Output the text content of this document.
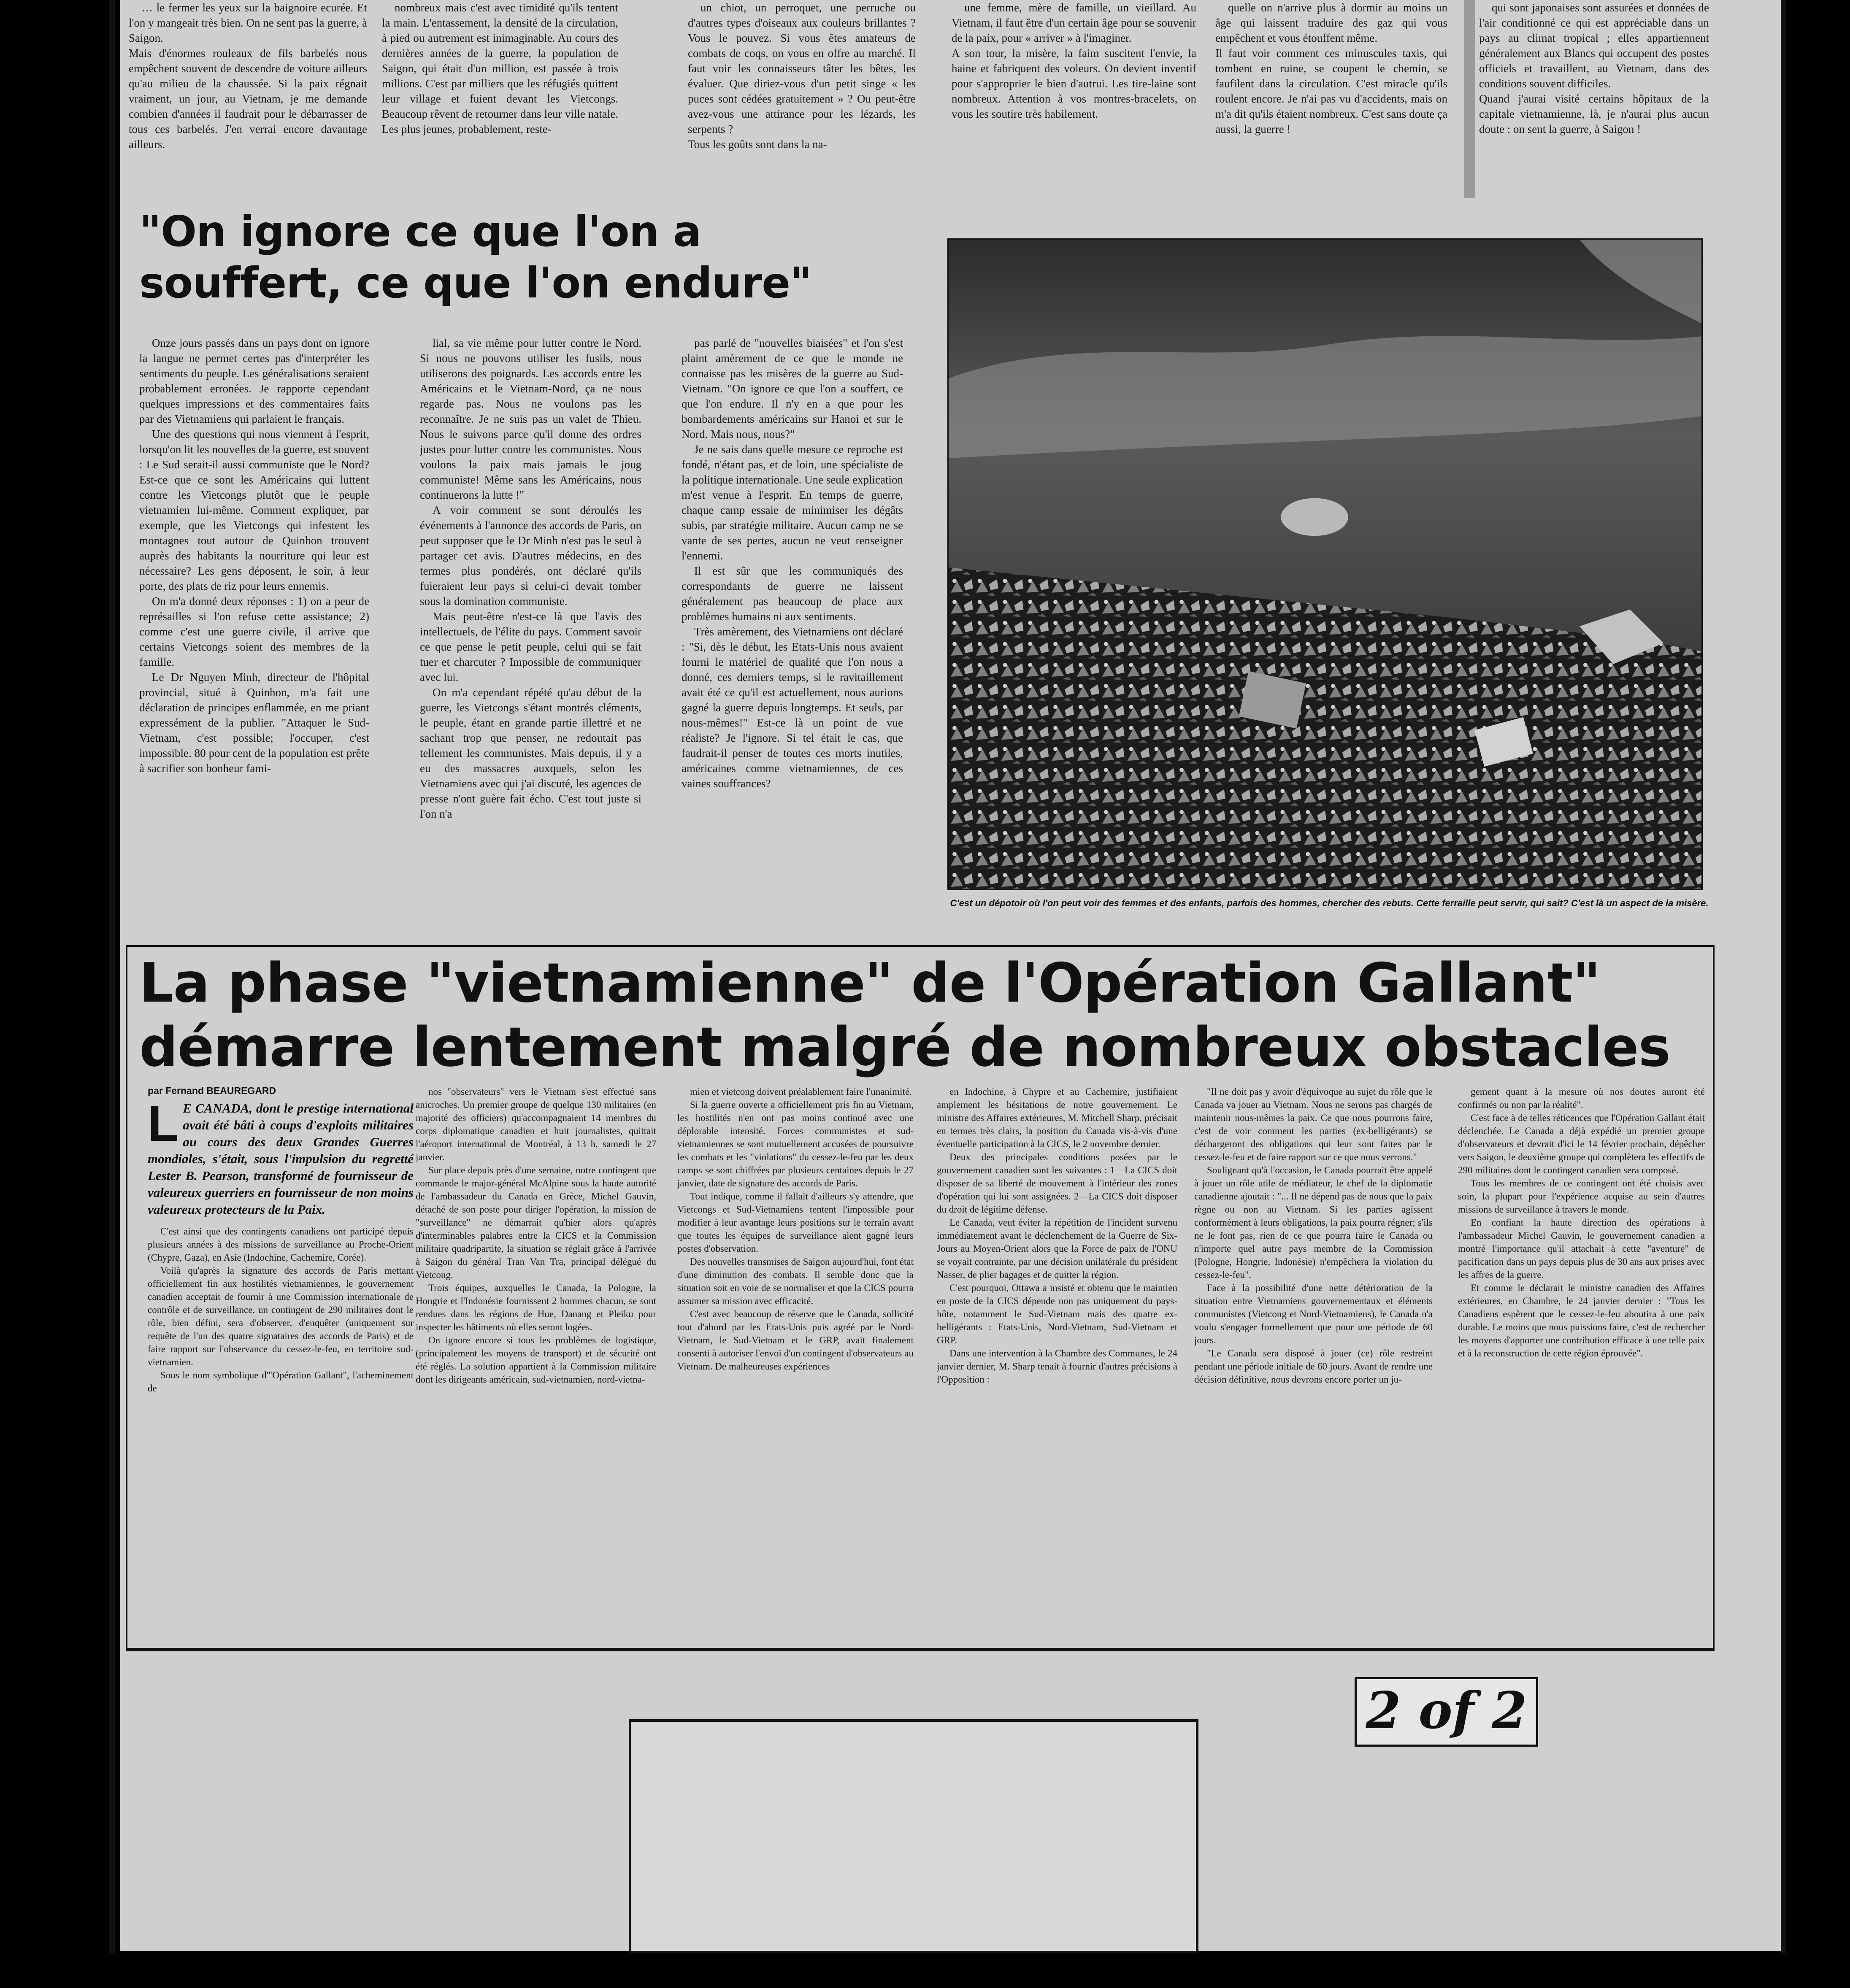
… le fermer les yeux sur la baignoire ecurée. Et l'on y mangeait très bien. On ne sent pas la guerre, à Saigon.
Mais d'énormes rouleaux de fils barbelés nous empêchent souvent de descendre de voiture ailleurs qu'au milieu de la chaussée. Si la paix régnait vraiment, un jour, au Vietnam, je me demande combien d'années il faudrait pour le débarrasser de tous ces barbelés. J'en verrai encore davantage ailleurs.

nombreux mais c'est avec timidité qu'ils tentent la main. L'entassement, la densité de la circulation, à pied ou autrement est inimaginable. Au cours des dernières années de la guerre, la population de Saigon, qui était d'un million, est passée à trois millions. C'est par milliers que les réfugiés quittent leur village et fuient devant les Vietcongs. Beaucoup rêvent de retourner dans leur ville natale. Les plus jeunes, probablement, reste-

un chiot, un perroquet, une perruche ou d'autres types d'oiseaux aux couleurs brillantes ? Vous le pouvez. Si vous êtes amateurs de combats de coqs, on vous en offre au marché. Il faut voir les connaisseurs tâter les bêtes, les évaluer. Que diriez-vous d'un petit singe « les puces sont cédées gratuitement » ? Ou peut-être avez-vous une attirance pour les lézards, les serpents ?
Tous les goûts sont dans la na-

une femme, mère de famille, un vieillard. Au Vietnam, il faut être d'un certain âge pour se souvenir de la paix, pour « arriver » à l'imaginer.
A son tour, la misère, la faim suscitent l'envie, la haine et fabriquent des voleurs. On devient inventif pour s'approprier le bien d'autrui. Les tire-laine sont nombreux. Attention à vos montres-bracelets, on vous les soutire très habilement.

quelle on n'arrive plus à dormir au moins un âge qui laissent traduire des gaz qui vous empêchent et vous étouffent même.
Il faut voir comment ces minuscules taxis, qui tombent en ruine, se coupent le chemin, se faufilent dans la circulation. C'est miracle qu'ils roulent encore. Je n'ai pas vu d'accidents, mais on m'a dit qu'ils étaient nombreux. C'est sans doute ça aussi, la guerre !

qui sont japonaises sont assurées et données de l'air conditionné ce qui est appréciable dans un pays au climat tropical ; elles appartiennent généralement aux Blancs qui occupent des postes officiels et travaillent, au Vietnam, dans des conditions souvent difficiles.
Quand j'aurai visité certains hôpitaux de la capitale vietnamienne, là, je n'aurai plus aucun doute : on sent la guerre, à Saigon !

"On ignore ce que l'on a souffert, ce que l'on endure"

Onze jours passés dans un pays dont on ignore la langue ne permet certes pas d'interpréter les sentiments du peuple. Les généralisations seraient probablement erronées. Je rapporte cependant quelques impressions et des commentaires faits par des Vietnamiens qui parlaient le français.

Une des questions qui nous viennent à l'esprit, lorsqu'on lit les nouvelles de la guerre, est souvent : Le Sud serait-il aussi communiste que le Nord? Est-ce que ce sont les Américains qui luttent contre les Vietcongs plutôt que le peuple vietnamien lui-même. Comment expliquer, par exemple, que les Vietcongs qui infestent les montagnes tout autour de Quinhon trouvent auprès des habitants la nourriture qui leur est nécessaire? Les gens déposent, le soir, à leur porte, des plats de riz pour leurs ennemis.

On m'a donné deux réponses : 1) on a peur de représailles si l'on refuse cette assistance; 2) comme c'est une guerre civile, il arrive que certains Vietcongs soient des membres de la famille.

Le Dr Nguyen Minh, directeur de l'hôpital provincial, situé à Quinhon, m'a fait une déclaration de principes enflammée, en me priant expressément de la publier. "Attaquer le Sud-Vietnam, c'est possible; l'occuper, c'est impossible. 80 pour cent de la population est prête à sacrifier son bonheur fami-

lial, sa vie même pour lutter contre le Nord. Si nous ne pouvons utiliser les fusils, nous utiliserons des poignards. Les accords entre les Américains et le Vietnam-Nord, ça ne nous regarde pas. Nous ne voulons pas les reconnaître. Je ne suis pas un valet de Thieu. Nous le suivons parce qu'il donne des ordres justes pour lutter contre les communistes. Nous voulons la paix mais jamais le joug communiste! Même sans les Américains, nous continuerons la lutte !"

A voir comment se sont déroulés les événements à l'annonce des accords de Paris, on peut supposer que le Dr Minh n'est pas le seul à partager cet avis. D'autres médecins, en des termes plus pondérés, ont déclaré qu'ils fuieraient leur pays si celui-ci devait tomber sous la domination communiste.

Mais peut-être n'est-ce là que l'avis des intellectuels, de l'élite du pays. Comment savoir ce que pense le petit peuple, celui qui se fait tuer et charcuter ? Impossible de communiquer avec lui.

On m'a cependant répété qu'au début de la guerre, les Vietcongs s'étant montrés cléments, le peuple, étant en grande partie illettré et ne sachant trop que penser, ne redoutait pas tellement les communistes. Mais depuis, il y a eu des massacres auxquels, selon les Vietnamiens avec qui j'ai discuté, les agences de presse n'ont guère fait écho. C'est tout juste si l'on n'a

pas parlé de "nouvelles biaisées" et l'on s'est plaint amèrement de ce que le monde ne connaisse pas les misères de la guerre au Sud-Vietnam. "On ignore ce que l'on a souffert, ce que l'on endure. Il n'y en a que pour les bombardements américains sur Hanoi et sur le Nord. Mais nous, nous?"

Je ne sais dans quelle mesure ce reproche est fondé, n'étant pas, et de loin, une spécialiste de la politique internationale. Une seule explication m'est venue à l'esprit. En temps de guerre, chaque camp essaie de minimiser les dégâts subis, par stratégie militaire. Aucun camp ne se vante de ses pertes, aucun ne veut renseigner l'ennemi.

Il est sûr que les communiqués des correspondants de guerre ne laissent généralement pas beaucoup de place aux problèmes humains ni aux sentiments.

Très amèrement, des Vietnamiens ont déclaré : "Si, dès le début, les Etats-Unis nous avaient fourni le matériel de qualité que l'on nous a donné, ces derniers temps, si le ravitaillement avait été ce qu'il est actuellement, nous aurions gagné la guerre depuis longtemps. Et seuls, par nous-mêmes!" Est-ce là un point de vue réaliste? Je l'ignore. Si tel était le cas, que faudrait-il penser de toutes ces morts inutiles, américaines comme vietnamiennes, de ces vaines souffrances?

C'est un dépotoir où l'on peut voir des femmes et des enfants, parfois des hommes, chercher des rebuts. Cette ferraille peut servir, qui sait? C'est là un aspect de la misère.
La phase "vietnamienne" de l'Opération Gallant"
démarre lentement malgré de nombreux obstacles
par Fernand BEAUREGARD

L E CANADA, dont le prestige international avait été bâti à coups d'exploits militaires au cours des deux Grandes Guerres mondiales, s'était, sous l'impulsion du regretté Lester B. Pearson, transformé de fournisseur de valeureux guerriers en fournisseur de non moins valeureux protecteurs de la Paix.

C'est ainsi que des contingents canadiens ont participé depuis plusieurs années à des missions de surveillance au Proche-Orient (Chypre, Gaza), en Asie (Indochine, Cachemire, Corée).

Voilà qu'après la signature des accords de Paris mettant officiellement fin aux hostilités vietnamiennes, le gouvernement canadien acceptait de fournir à une Commission internationale de contrôle et de surveillance, un contingent de 290 militaires dont le rôle, bien défini, sera d'observer, d'enquêter (uniquement sur requête de l'un des quatre signataires des accords de Paris) et de faire rapport sur l'observance du cessez-le-feu, en territoire sud-vietnamien.

Sous le nom symbolique d'"Opération Gallant", l'acheminement de

nos "observateurs" vers le Vietnam s'est effectué sans anicroches. Un premier groupe de quelque 130 militaires (en majorité des officiers) qu'accompagnaient 14 membres du corps diplomatique canadien et huit journalistes, quittait l'aéroport international de Montréal, à 13 h, samedi le 27 janvier.

Sur place depuis près d'une semaine, notre contingent que commande le major-général McAlpine sous la haute autorité de l'ambassadeur du Canada en Grèce, Michel Gauvin, détaché de son poste pour diriger l'opération, la mission de "surveillance" ne démarrait qu'hier alors qu'après d'interminables palabres entre la CICS et la Commission militaire quadripartite, la situation se réglait grâce à l'arrivée à Saigon du général Tran Van Tra, principal délégué du Vietcong.

Trois équipes, auxquelles le Canada, la Pologne, la Hongrie et l'Indonésie fournissent 2 hommes chacun, se sont rendues dans les régions de Hue, Danang et Pleiku pour inspecter les bâtiments où elles seront logées.

On ignore encore si tous les problèmes de logistique, (principalement les moyens de transport) et de sécurité ont été réglés. La solution appartient à la Commission militaire dont les dirigeants américain, sud-vietnamien, nord-vietna-

mien et vietcong doivent préalablement faire l'unanimité.

Si la guerre ouverte a officiellement pris fin au Vietnam, les hostilités n'en ont pas moins continué avec une déplorable intensité. Forces communistes et sud-vietnamiennes se sont mutuellement accusées de poursuivre les combats et les "violations" du cessez-le-feu par les deux camps se sont chiffrées par plusieurs centaines depuis le 27 janvier, date de signature des accords de Paris.

Tout indique, comme il fallait d'ailleurs s'y attendre, que Vietcongs et Sud-Vietnamiens tentent l'impossible pour modifier à leur avantage leurs positions sur le terrain avant que toutes les équipes de surveillance aient gagné leurs postes d'observation.

Des nouvelles transmises de Saigon aujourd'hui, font état d'une diminution des combats. Il semble donc que la situation soit en voie de se normaliser et que la CICS pourra assumer sa mission avec efficacité.

C'est avec beaucoup de réserve que le Canada, sollicité tout d'abord par les Etats-Unis puis agréé par le Nord-Vietnam, le Sud-Vietnam et le GRP, avait finalement consenti à autoriser l'envoi d'un contingent d'observateurs au Vietnam. De malheureuses expériences

en Indochine, à Chypre et au Cachemire, justifiaient amplement les hésitations de notre gouvernement. Le ministre des Affaires extérieures, M. Mitchell Sharp, précisait en termes très clairs, la position du Canada vis-à-vis d'une éventuelle participation à la CICS, le 2 novembre dernier.

Deux des principales conditions posées par le gouvernement canadien sont les suivantes : 1—La CICS doit disposer de sa liberté de mouvement à l'intérieur des zones d'opération qui lui sont assignées. 2—La CICS doit disposer du droit de légitime défense.

Le Canada, veut éviter la répétition de l'incident survenu immédiatement avant le déclenchement de la Guerre de Six-Jours au Moyen-Orient alors que la Force de paix de l'ONU se voyait contrainte, par une décision unilatérale du président Nasser, de plier bagages et de quitter la région.

C'est pourquoi, Ottawa a insisté et obtenu que le maintien en poste de la CICS dépende non pas uniquement du pays-hôte, notamment le Sud-Vietnam mais des quatre ex-belligérants : Etats-Unis, Nord-Vietnam, Sud-Vietnam et GRP.

Dans une intervention à la Chambre des Communes, le 24 janvier dernier, M. Sharp tenait à fournir d'autres précisions à l'Opposition :

"Il ne doit pas y avoir d'équivoque au sujet du rôle que le Canada va jouer au Vietnam. Nous ne serons pas chargés de maintenir nous-mêmes la paix. Ce que nous pourrons faire, c'est de voir comment les parties (ex-belligérants) se déchargeront des obligations qui leur sont faites par le cessez-le-feu et de faire rapport sur ce que nous verrons."

Soulignant qu'à l'occasion, le Canada pourrait être appelé à jouer un rôle utile de médiateur, le chef de la diplomatie canadienne ajoutait : "... Il ne dépend pas de nous que la paix règne ou non au Vietnam. Si les parties agissent conformément à leurs obligations, la paix pourra régner; s'ils ne le font pas, rien de ce que pourra faire le Canada ou n'importe quel autre pays membre de la Commission (Pologne, Hongrie, Indonésie) n'empêchera la violation du cessez-le-feu".

Face à la possibilité d'une nette détérioration de la situation entre Vietnamiens gouvernementaux et éléments communistes (Vietcong et Nord-Vietnamiens), le Canada n'a voulu s'engager formellement que pour une période de 60 jours.

"Le Canada sera disposé à jouer (ce) rôle restreint pendant une période initiale de 60 jours. Avant de rendre une décision définitive, nous devrons encore porter un ju-

gement quant à la mesure où nos doutes auront été confirmés ou non par la réalité".

C'est face à de telles réticences que l'Opération Gallant était déclenchée. Le Canada a déjà expédié un premier groupe d'observateurs et devrait d'ici le 14 février prochain, dépêcher vers Saigon, le deuxième groupe qui complètera les effectifs de 290 militaires dont le contingent canadien sera composé.

Tous les membres de ce contingent ont été choisis avec soin, la plupart pour l'expérience acquise au sein d'autres missions de surveillance à travers le monde.

En confiant la haute direction des opérations à l'ambassadeur Michel Gauvin, le gouvernement canadien a montré l'importance qu'il attachait à cette "aventure" de pacification dans un pays depuis plus de 30 ans aux prises avec les affres de la guerre.

Et comme le déclarait le ministre canadien des Affaires extérieures, en Chambre, le 24 janvier dernier : "Tous les Canadiens espèrent que le cessez-le-feu aboutira à une paix durable. Le moins que nous puissions faire, c'est de rechercher les moyens d'apporter une contribution efficace à une telle paix et à la reconstruction de cette région éprouvée".

2 of 2
